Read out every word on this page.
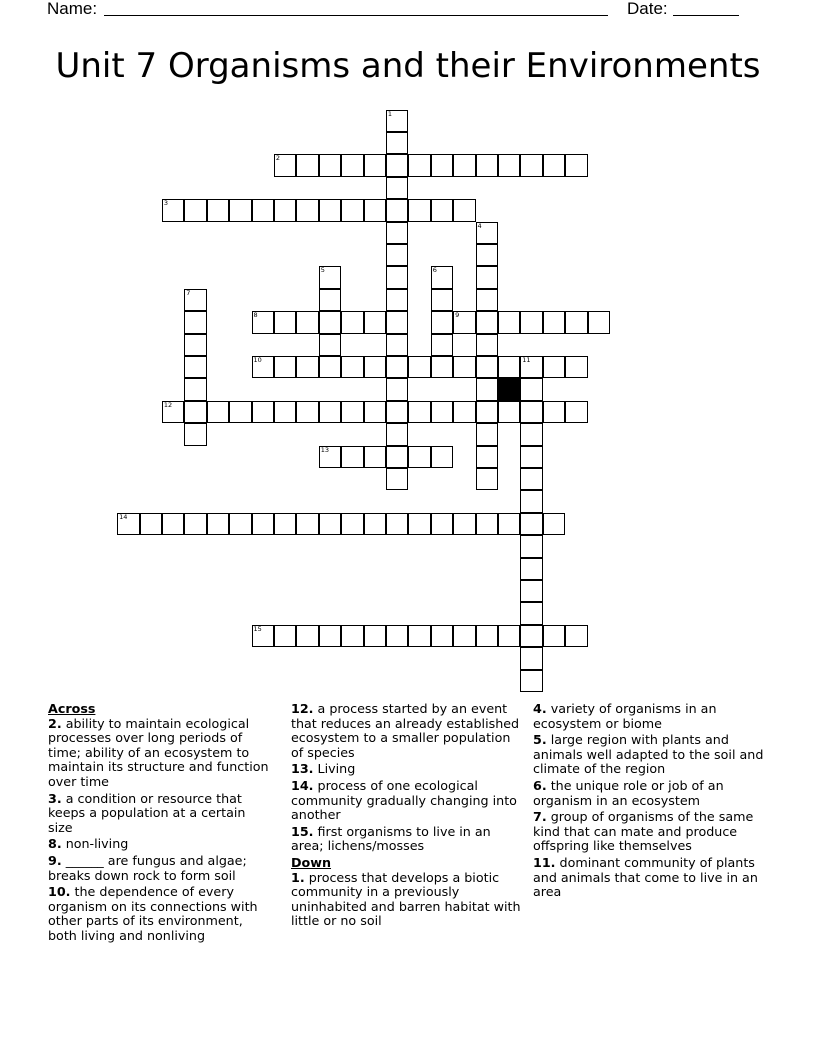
Name:	Date:
Unit 7 Organisms and their Environments
1
2
3
4
5	6
7
8	9
10	11
12
13
14
15
Across
2. ability to maintain ecological processes over long periods of time; ability of an ecosystem to maintain its structure and function over time
3. a condition or resource that keeps a population at a certain size
8. non-living
9. ______ are fungus and algae; breaks down rock to form soil
10. the dependence of every organism on its connections with other parts of its environment, both living and nonliving
12. a process started by an event that reduces an already established ecosystem to a smaller population of species
13. Living
14. process of one ecological community gradually changing into another
15. first organisms to live in an area; lichens/mosses
Down
1. process that develops a biotic community in a previously uninhabited and barren habitat with little or no soil
4. variety of organisms in an ecosystem or biome
5. large region with plants and animals well adapted to the soil and climate of the region
6. the unique role or job of an organism in an ecosystem
7. group of organisms of the same kind that can mate and produce offspring like themselves
11. dominant community of plants and animals that come to live in an area
